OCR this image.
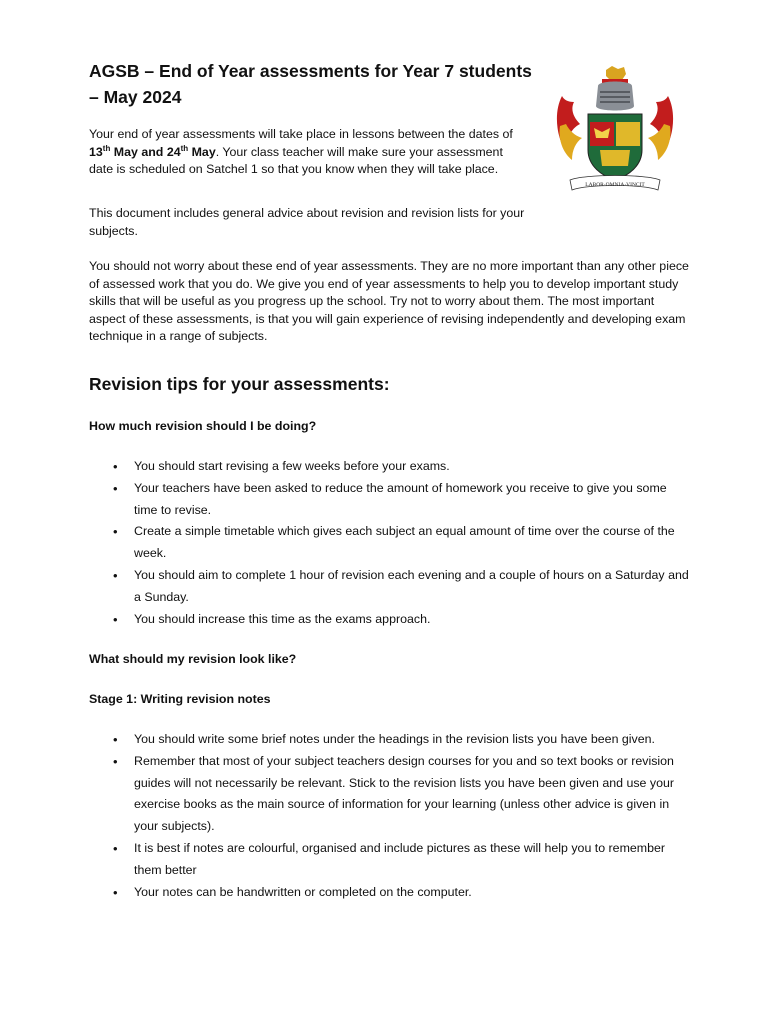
AGSB – End of Year assessments for Year 7 students – May 2024
LABOR·OMNIA·VINCIT

Your end of year assessments will take place in lessons between the dates of 13th May and 24th May. Your class teacher will make sure your assessment date is scheduled on Satchel 1 so that you know when they will take place.

This document includes general advice about revision and revision lists for your subjects.

You should not worry about these end of year assessments. They are no more important than any other piece of assessed work that you do. We give you end of year assessments to help you to develop important study skills that will be useful as you progress up the school. Try not to worry about them. The most important aspect of these assessments, is that you will gain experience of revising independently and developing exam technique in a range of subjects.

Revision tips for your assessments:
How much revision should I be doing?
• You should start revising a few weeks before your exams.
• Your teachers have been asked to reduce the amount of homework you receive to give you some time to revise.
• Create a simple timetable which gives each subject an equal amount of time over the course of the week.
• You should aim to complete 1 hour of revision each evening and a couple of hours on a Saturday and a Sunday.
• You should increase this time as the exams approach.
What should my revision look like?
Stage 1: Writing revision notes
• You should write some brief notes under the headings in the revision lists you have been given.
• Remember that most of your subject teachers design courses for you and so text books or revision guides will not necessarily be relevant. Stick to the revision lists you have been given and use your exercise books as the main source of information for your learning (unless other advice is given in your subjects).
• It is best if notes are colourful, organised and include pictures as these will help you to remember them better
• Your notes can be handwritten or completed on the computer.
